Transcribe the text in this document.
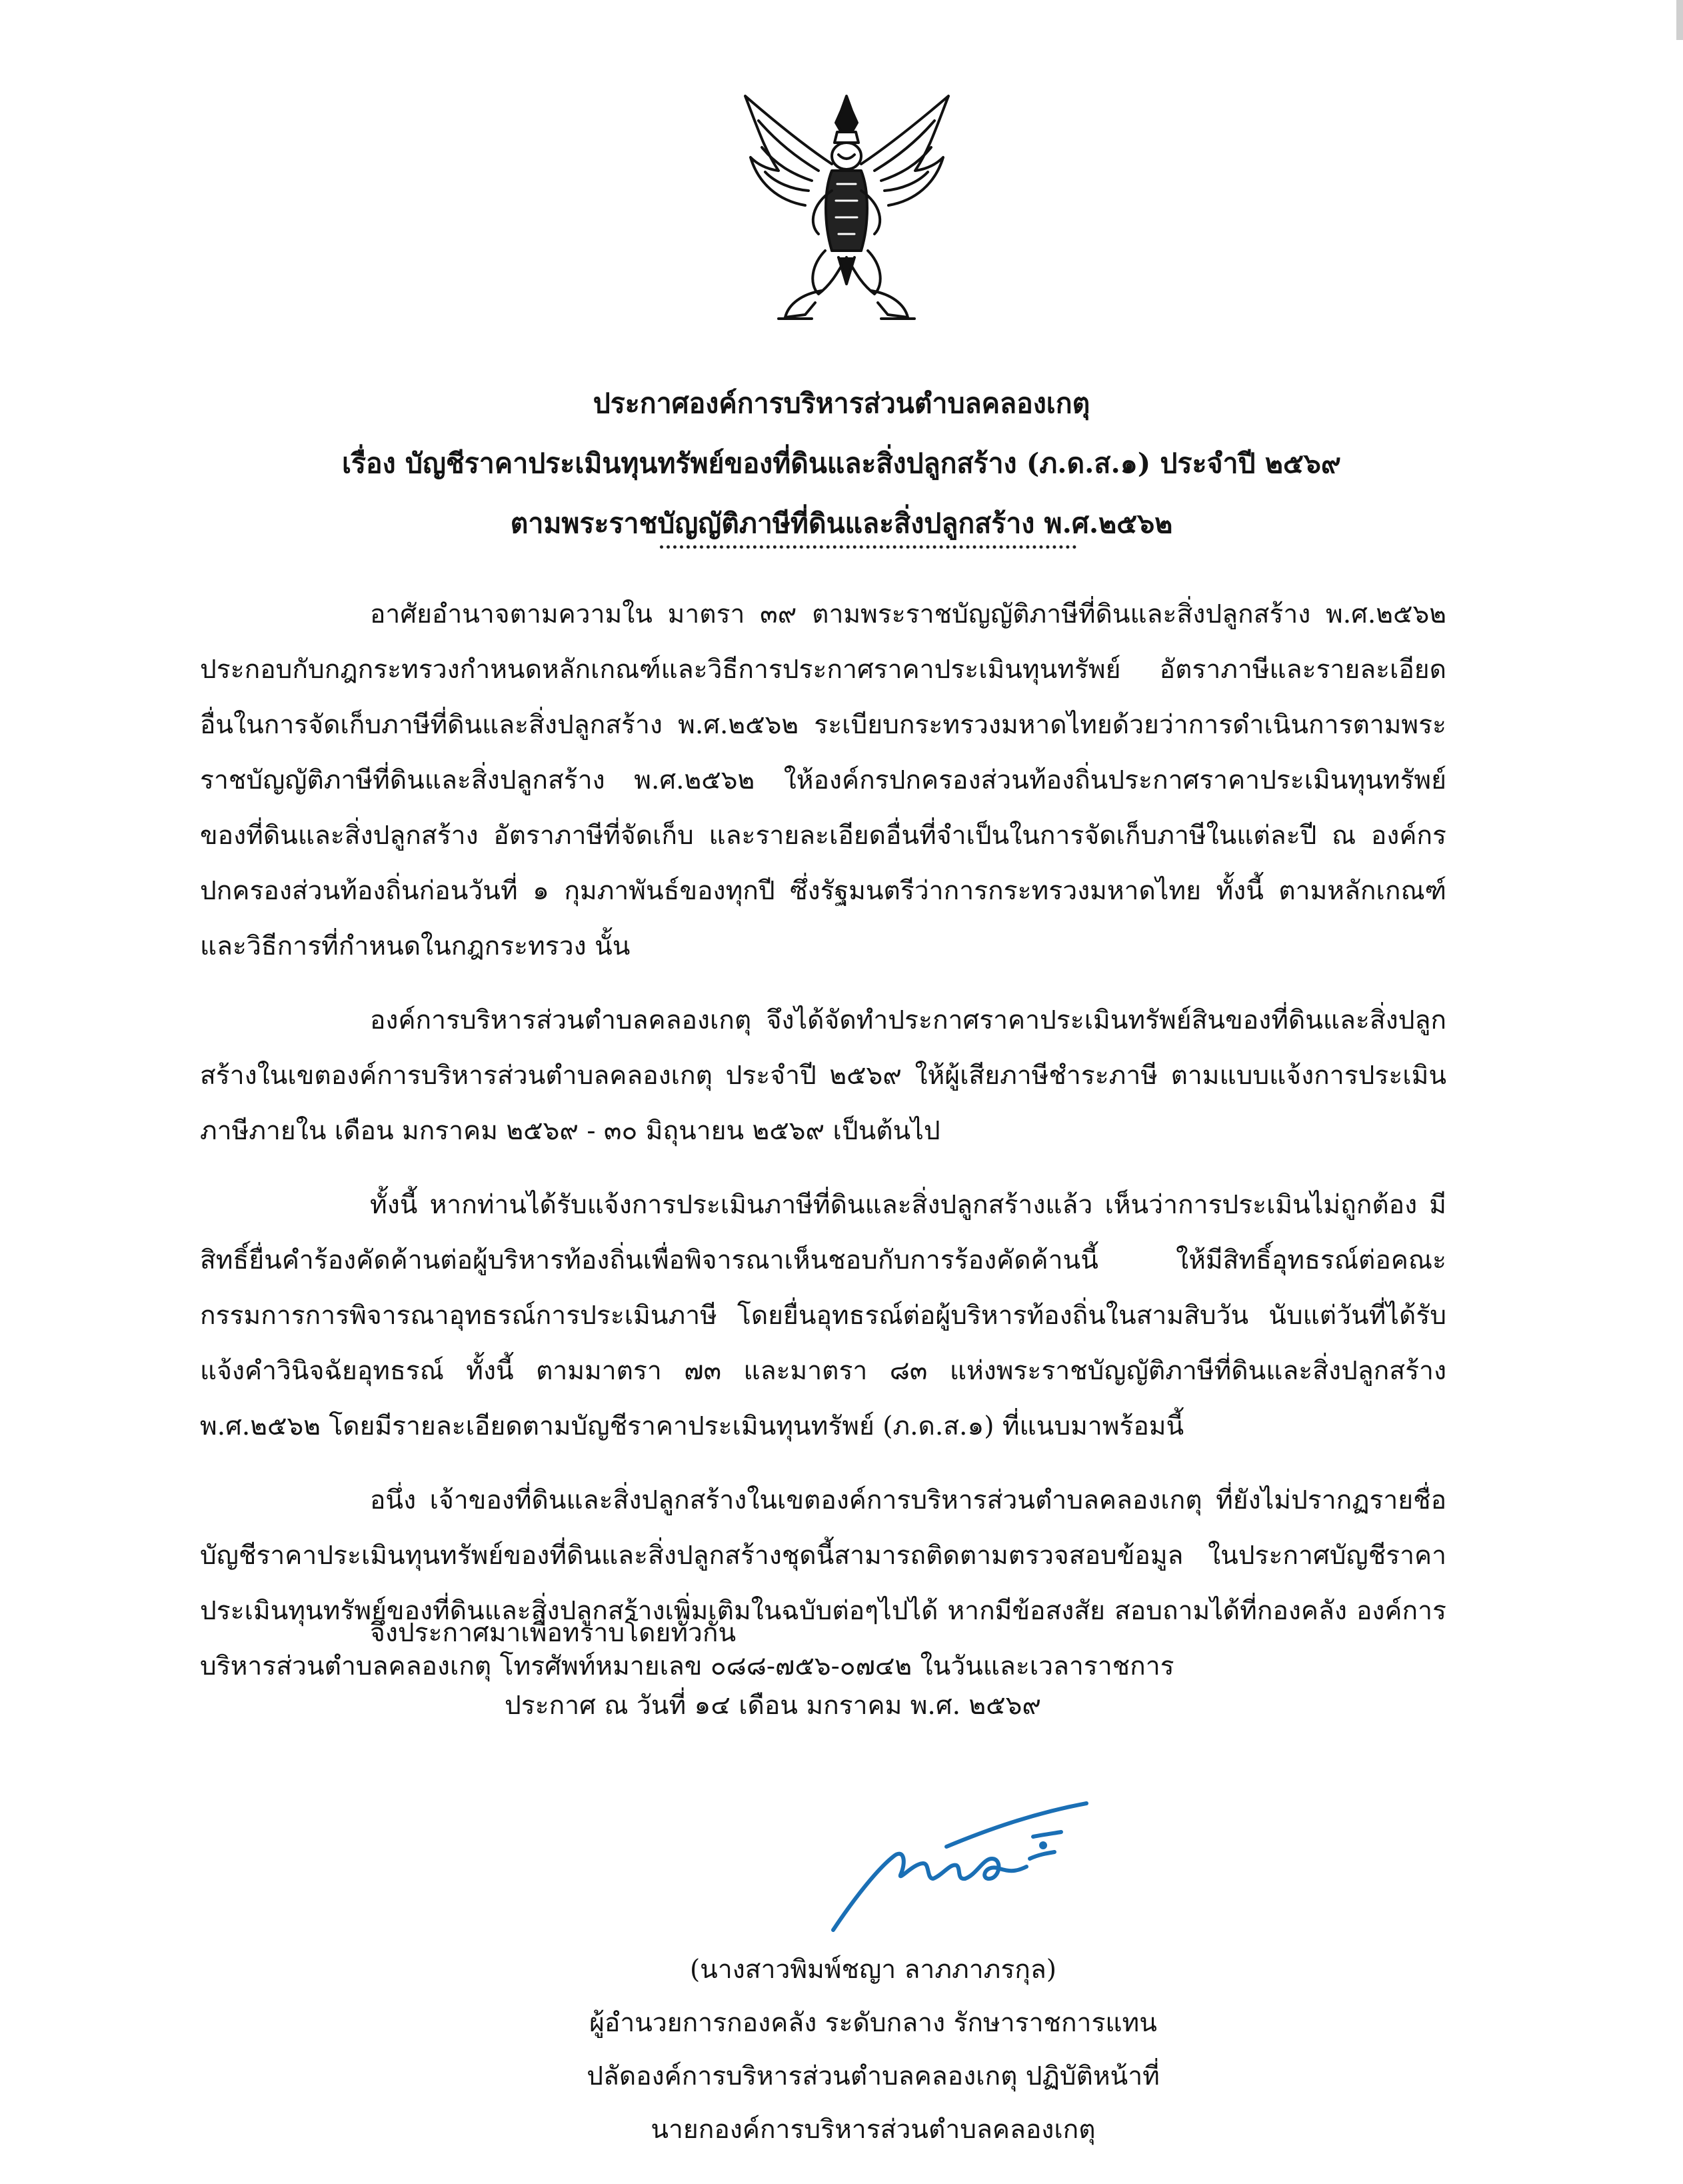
ประกาศองค์การบริหารส่วนตำบลคลองเกตุ
เรื่อง บัญชีราคาประเมินทุนทรัพย์ของที่ดินและสิ่งปลูกสร้าง (ภ.ด.ส.๑) ประจำปี ๒๕๖๙
ตามพระราชบัญญัติภาษีที่ดินและสิ่งปลูกสร้าง พ.ศ.๒๕๖๒

อาศัยอำนาจตามความใน มาตรา ๓๙ ตามพระราชบัญญัติภาษีที่ดินและสิ่งปลูกสร้าง พ.ศ.๒๕๖๒ ประกอบกับกฎกระทรวงกำหนดหลักเกณฑ์และวิธีการประกาศราคาประเมินทุนทรัพย์ อัตราภาษีและรายละเอียดอื่นในการจัดเก็บภาษีที่ดินและสิ่งปลูกสร้าง พ.ศ.๒๕๖๒ ระเบียบกระทรวงมหาดไทยด้วยว่าการดำเนินการตามพระราชบัญญัติภาษีที่ดินและสิ่งปลูกสร้าง พ.ศ.๒๕๖๒ ให้องค์กรปกครองส่วนท้องถิ่นประกาศราคาประเมินทุนทรัพย์ของที่ดินและสิ่งปลูกสร้าง อัตราภาษีที่จัดเก็บ และรายละเอียดอื่นที่จำเป็นในการจัดเก็บภาษีในแต่ละปี ณ องค์กรปกครองส่วนท้องถิ่นก่อนวันที่ ๑ กุมภาพันธ์ของทุกปี ซึ่งรัฐมนตรีว่าการกระทรวงมหาดไทย ทั้งนี้ ตามหลักเกณฑ์และวิธีการที่กำหนดในกฎกระทรวง นั้น

องค์การบริหารส่วนตำบลคลองเกตุ จึงได้จัดทำประกาศราคาประเมินทรัพย์สินของที่ดินและสิ่งปลูกสร้างในเขตองค์การบริหารส่วนตำบลคลองเกตุ ประจำปี ๒๕๖๙ ให้ผู้เสียภาษีชำระภาษี ตามแบบแจ้งการประเมินภาษีภายใน เดือน มกราคม ๒๕๖๙ - ๓๐ มิถุนายน ๒๕๖๙ เป็นต้นไป

ทั้งนี้ หากท่านได้รับแจ้งการประเมินภาษีที่ดินและสิ่งปลูกสร้างแล้ว เห็นว่าการประเมินไม่ถูกต้อง มีสิทธิ์ยื่นคำร้องคัดค้านต่อผู้บริหารท้องถิ่นเพื่อพิจารณาเห็นชอบกับการร้องคัดค้านนี้ ให้มีสิทธิ์อุทธรณ์ต่อคณะกรรมการการพิจารณาอุทธรณ์การประเมินภาษี โดยยื่นอุทธรณ์ต่อผู้บริหารท้องถิ่นในสามสิบวัน นับแต่วันที่ได้รับแจ้งคำวินิจฉัยอุทธรณ์ ทั้งนี้ ตามมาตรา ๗๓ และมาตรา ๘๓ แห่งพระราชบัญญัติภาษีที่ดินและสิ่งปลูกสร้าง พ.ศ.๒๕๖๒ โดยมีรายละเอียดตามบัญชีราคาประเมินทุนทรัพย์ (ภ.ด.ส.๑) ที่แนบมาพร้อมนี้

อนึ่ง เจ้าของที่ดินและสิ่งปลูกสร้างในเขตองค์การบริหารส่วนตำบลคลองเกตุ ที่ยังไม่ปรากฏรายชื่อบัญชีราคาประเมินทุนทรัพย์ของที่ดินและสิ่งปลูกสร้างชุดนี้สามารถติดตามตรวจสอบข้อมูล ในประกาศบัญชีราคาประเมินทุนทรัพย์ของที่ดินและสิ่งปลูกสร้างเพิ่มเติมในฉบับต่อๆไปได้ หากมีข้อสงสัย สอบถามได้ที่กองคลัง องค์การบริหารส่วนตำบลคลองเกตุ โทรศัพท์หมายเลข ๐๘๘-๗๕๖-๐๗๔๒ ในวันและเวลาราชการ

จึงประกาศมาเพื่อทราบโดยทั่วกัน
ประกาศ ณ วันที่ ๑๔ เดือน มกราคม พ.ศ. ๒๕๖๙
(นางสาวพิมพ์ชญา ลาภภาภรกุล)
ผู้อำนวยการกองคลัง ระดับกลาง รักษาราชการแทน
ปลัดองค์การบริหารส่วนตำบลคลองเกตุ ปฏิบัติหน้าที่
นายกองค์การบริหารส่วนตำบลคลองเกตุ
